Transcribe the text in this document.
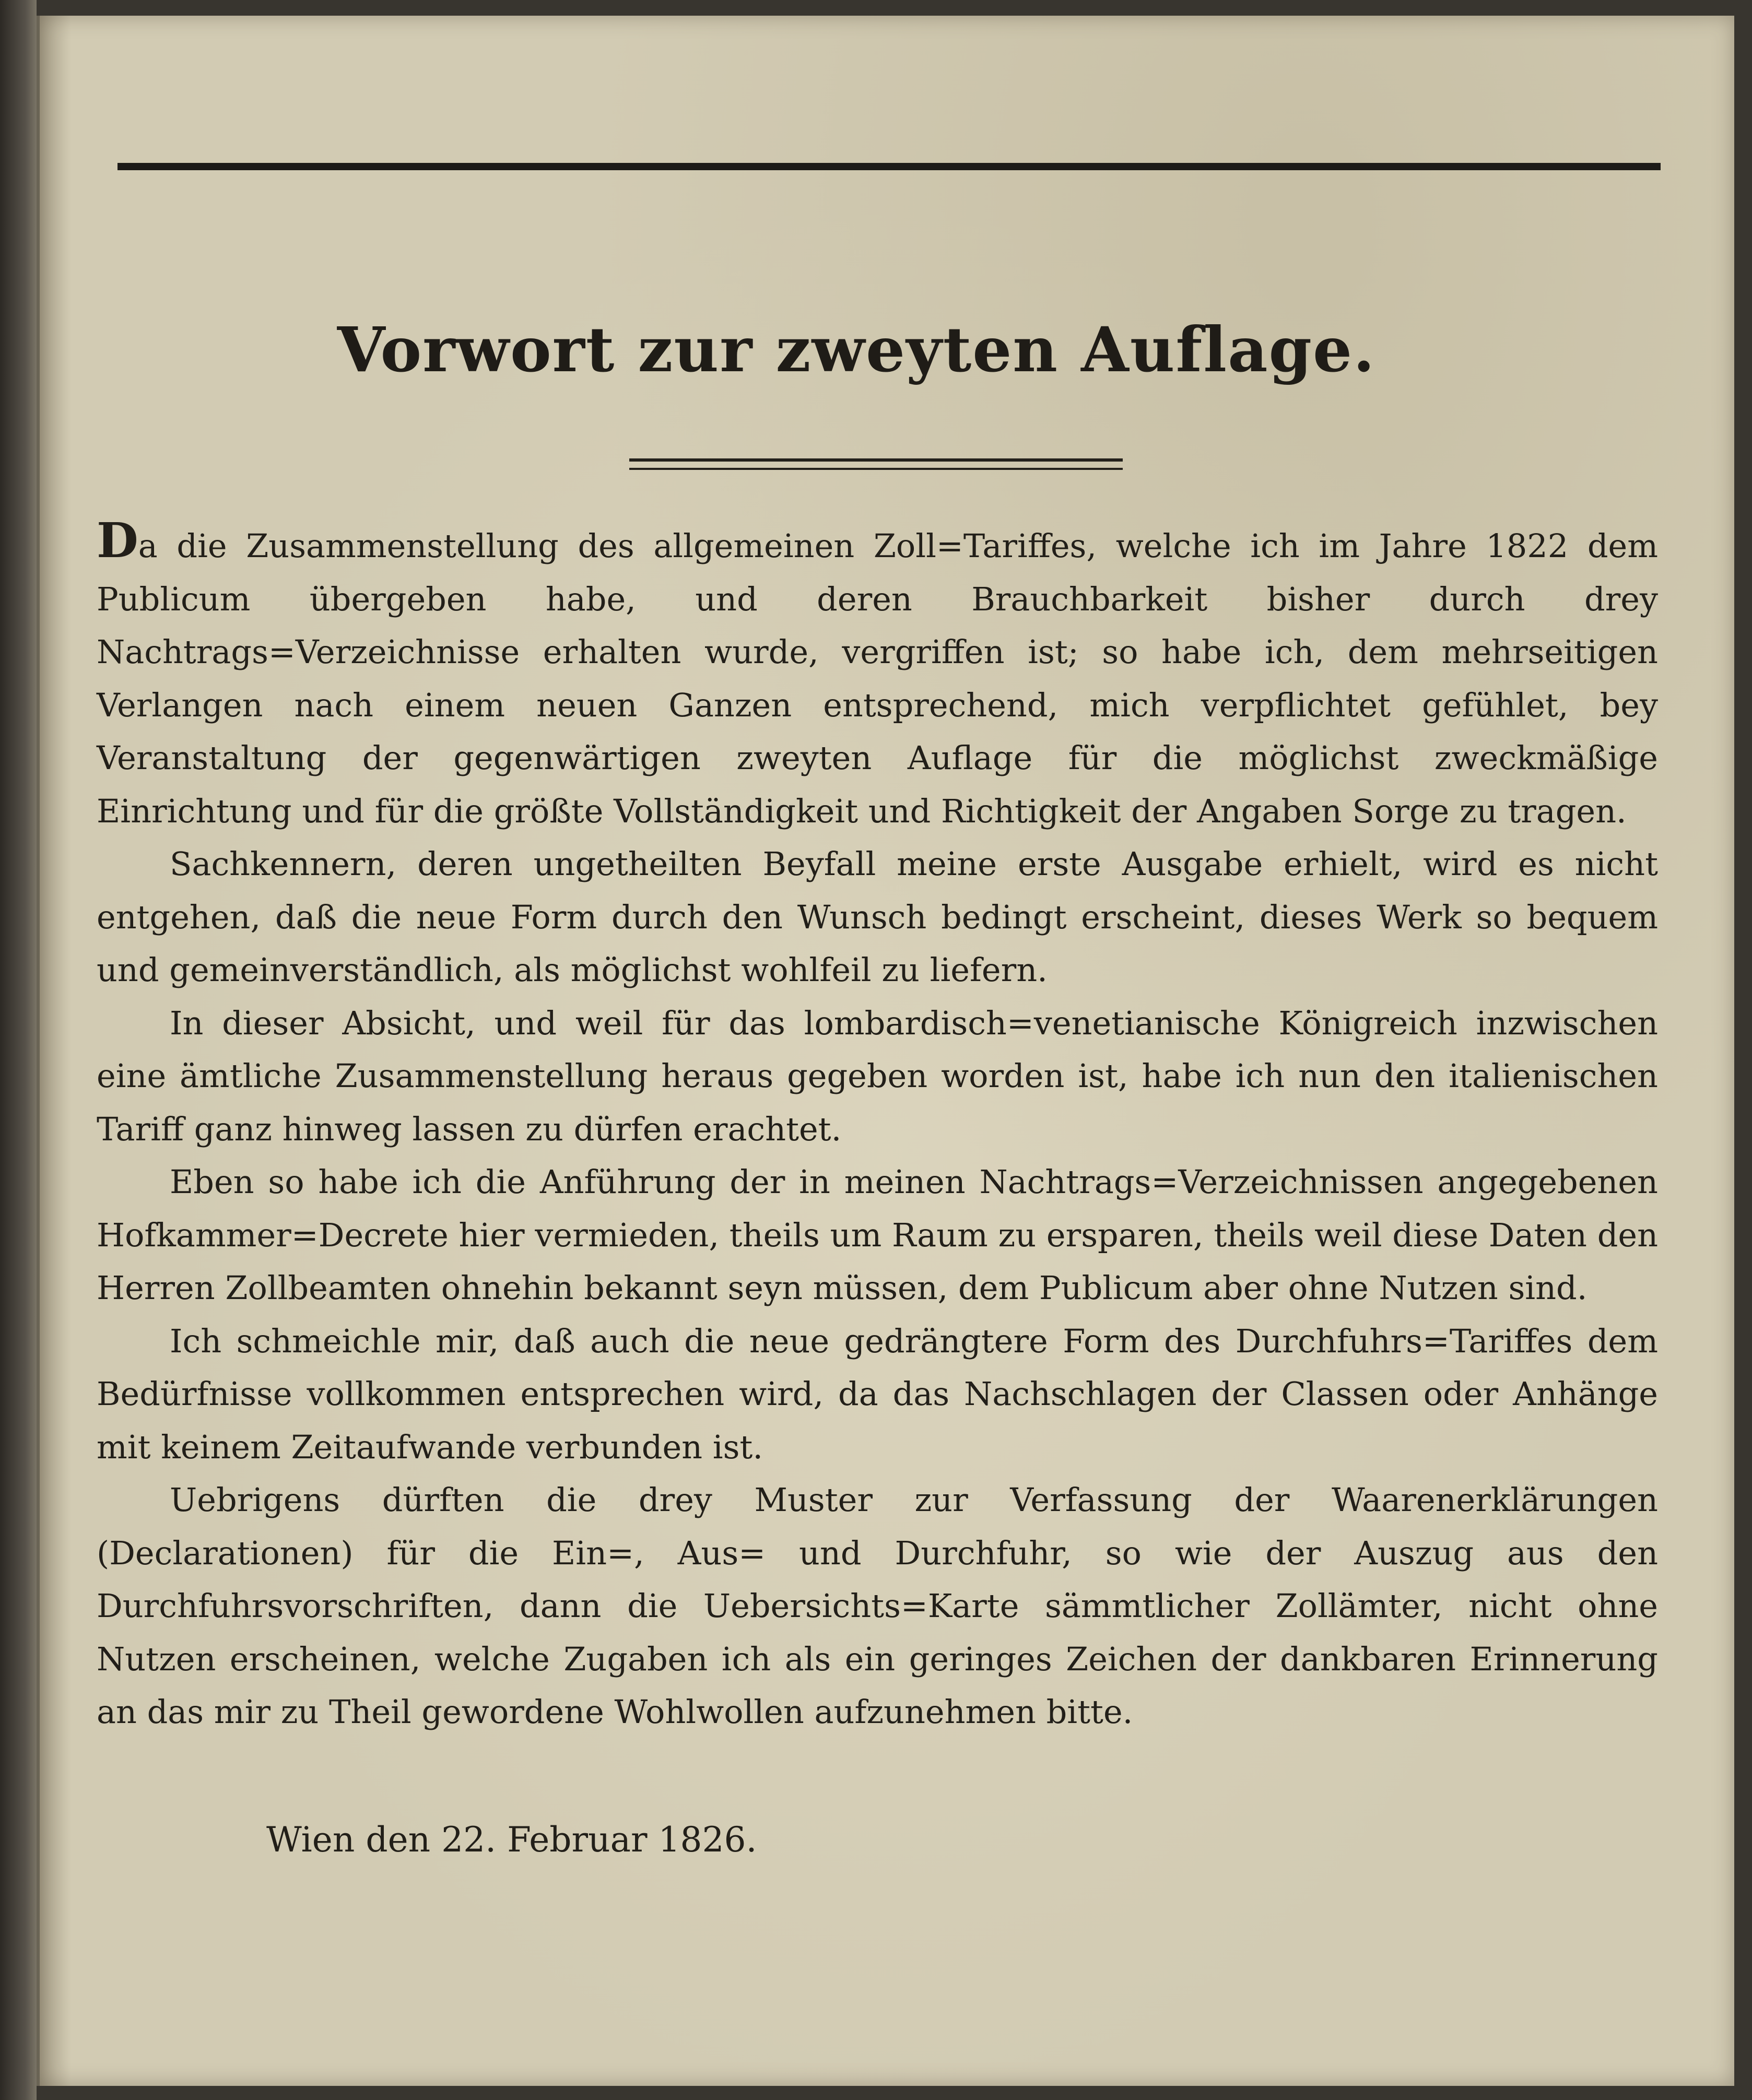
Vorwort zur zweyten Auflage.

Da die Zusammenstellung des allgemeinen Zoll=Tariffes, welche ich im Jahre 1822 dem Publicum übergeben habe, und deren Brauchbarkeit bisher durch drey Nachtrags=Verzeichnisse erhalten wurde, vergriffen ist; so habe ich, dem mehrseitigen Verlangen nach einem neuen Ganzen entsprechend, mich verpflichtet gefühlet, bey Veranstaltung der gegenwärtigen zweyten Auflage für die möglichst zweckmäßige Einrichtung und für die größte Vollständigkeit und Richtigkeit der Angaben Sorge zu tragen.

Sachkennern, deren ungetheilten Beyfall meine erste Ausgabe erhielt, wird es nicht entgehen, daß die neue Form durch den Wunsch bedingt erscheint, dieses Werk so bequem und gemeinverständlich, als möglichst wohlfeil zu liefern.

In dieser Absicht, und weil für das lombardisch=venetianische Königreich inzwischen eine ämtliche Zusammenstellung heraus gegeben worden ist, habe ich nun den italienischen Tariff ganz hinweg lassen zu dürfen erachtet.

Eben so habe ich die Anführung der in meinen Nachtrags=Verzeichnissen angegebenen Hofkammer=Decrete hier vermieden, theils um Raum zu ersparen, theils weil diese Daten den Herren Zollbeamten ohnehin bekannt seyn müssen, dem Publicum aber ohne Nutzen sind.

Ich schmeichle mir, daß auch die neue gedrängtere Form des Durchfuhrs=Tariffes dem Bedürfnisse vollkommen entsprechen wird, da das Nachschlagen der Classen oder Anhänge mit keinem Zeitaufwande verbunden ist.

Uebrigens dürften die drey Muster zur Verfassung der Waarenerklärungen (Declarationen) für die Ein=, Aus= und Durchfuhr, so wie der Auszug aus den Durchfuhrsvorschriften, dann die Uebersichts=Karte sämmtlicher Zollämter, nicht ohne Nutzen erscheinen, welche Zugaben ich als ein geringes Zeichen der dankbaren Erinnerung an das mir zu Theil gewordene Wohlwollen aufzunehmen bitte.

Wien den 22. Februar 1826.
